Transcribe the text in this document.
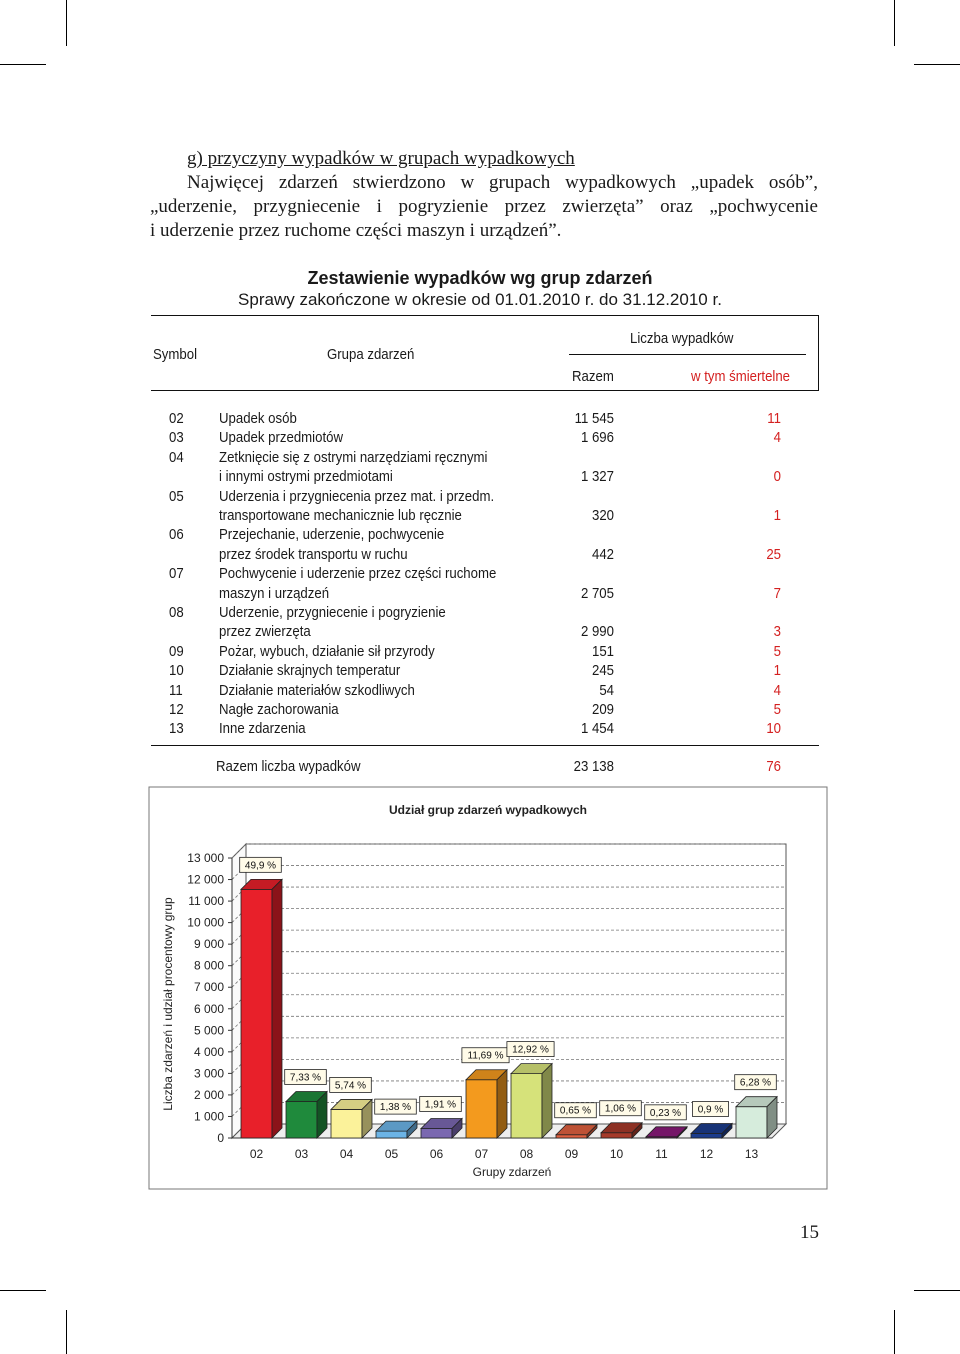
g) przyczyny wypadków w grupach wypadkowych
Najwięcej zdarzeń stwierdzono w grupach wypadkowych „upadek osób”,
„uderzenie, przygniecenie i pogryzienie przez zwierzęta” oraz „pochwycenie
i uderzenie przez ruchome części maszyn i urządzeń”.
Zestawienie wypadków wg grup zdarzeń
Sprawy zakończone w okresie od 01.01.2010 r. do 31.12.2010 r.
Symbol	Grupa zdarzeń
Liczba wypadków
Razem	w tym śmiertelne
02 Upadek osób	11 545	11
03 Upadek przedmiotów	1 696	4
04 Zetknięcie się z ostrymi narzędziami ręcznymi
i innymi ostrymi przedmiotami	1 327	0
05 Uderzenia i przygniecenia przez mat. i przedm.
transportowane mechanicznie lub ręcznie	320	1
06 Przejechanie, uderzenie, pochwycenie
przez środek transportu w ruchu	442	25
07 Pochwycenie i uderzenie przez części ruchome
maszyn i urządzeń	2 705	7
08 Uderzenie, przygniecenie i pogryzienie
przez zwierzęta	2 990	3
09 Pożar, wybuch, działanie sił przyrody	151	5
10 Działanie skrajnych temperatur	245	1
11 Działanie materiałów szkodliwych	54	4
12 Nagłe zachorowania	209	5
13 Inne zdarzenia	1 454	10
Razem liczba wypadków	23 138	76
Udział grup zdarzeń wypadkowych
0
1 000
2 000
3 000
4 000
5 000
6 000
7 000
8 000
9 000
10 000
11 000
12 000
13 000
49,9 %
02
7,33 %
03
5,74 %
04
1,38 %
05
1,91 %
06
11,69 %
07
12,92 %
08
0,65 %
09
1,06 %
10
0,23 %
11
0,9 %
12
6,28 %
13
Grupy zdarzeń
Liczba zdarzeń i udział procentowy grup
15
